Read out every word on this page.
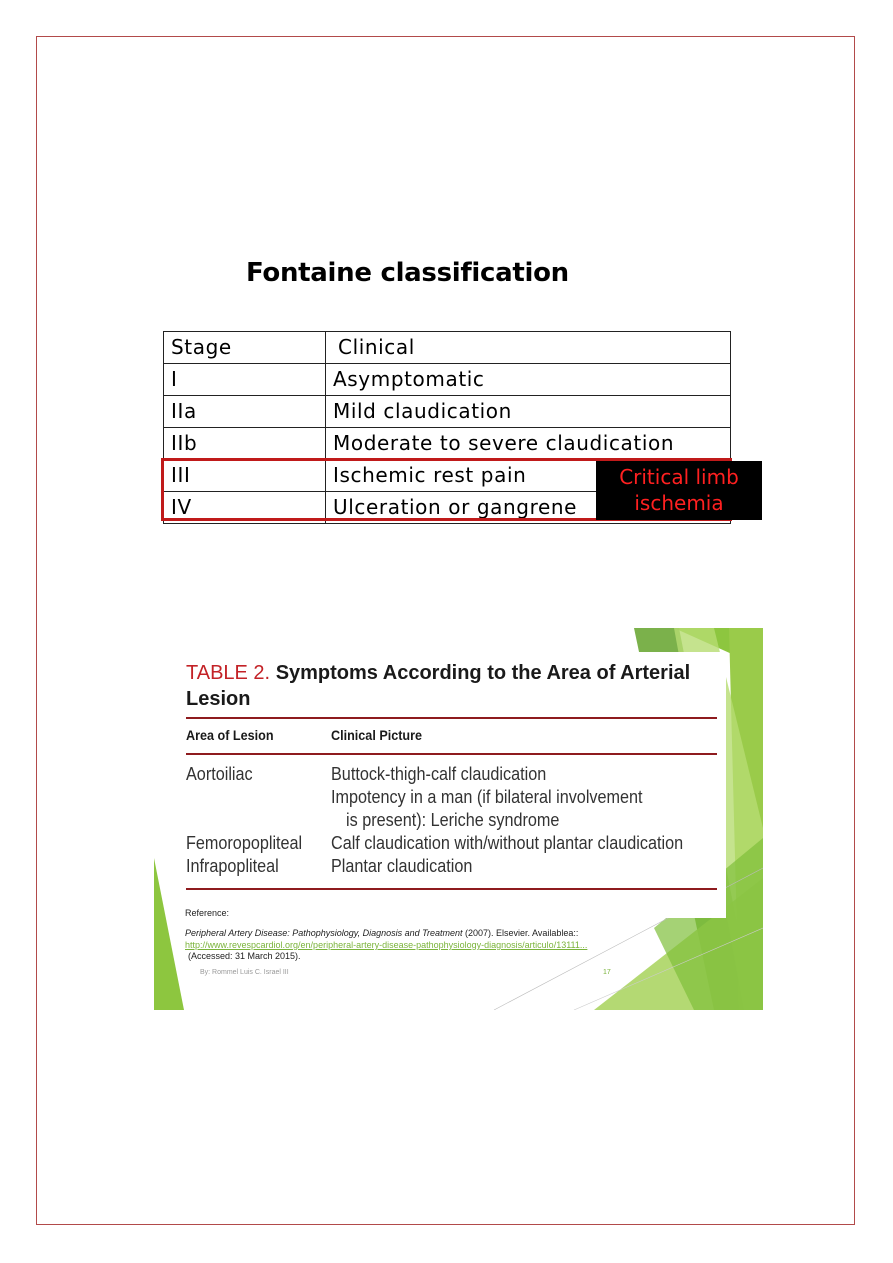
Fontaine classification
Stage	Clinical
I	Asymptomatic
IIa	Mild claudication
IIb	Moderate to severe claudication
III	Ischemic rest pain
IV	Ulceration or gangrene
Critical limb
ischemia
TABLE 2. Symptoms According to the Area of Arterial Lesion
Area of Lesion	Clinical Picture
Aortoiliac	Buttock-thigh-calf claudication
Impotency in a man (if bilateral involvement
is present): Leriche syndrome
Femoropopliteal Calf claudication with/without plantar claudication
Infrapopliteal	Plantar claudication
Reference:
Peripheral Artery Disease: Pathophysiology, Diagnosis and Treatment (2007). Elsevier. Availablea::
http://www.revespcardiol.org/en/peripheral-artery-disease-pathophysiology-diagnosis/articulo/13111...
(Accessed: 31 March 2015).
By: Rommel Luis C. Israel III	17
